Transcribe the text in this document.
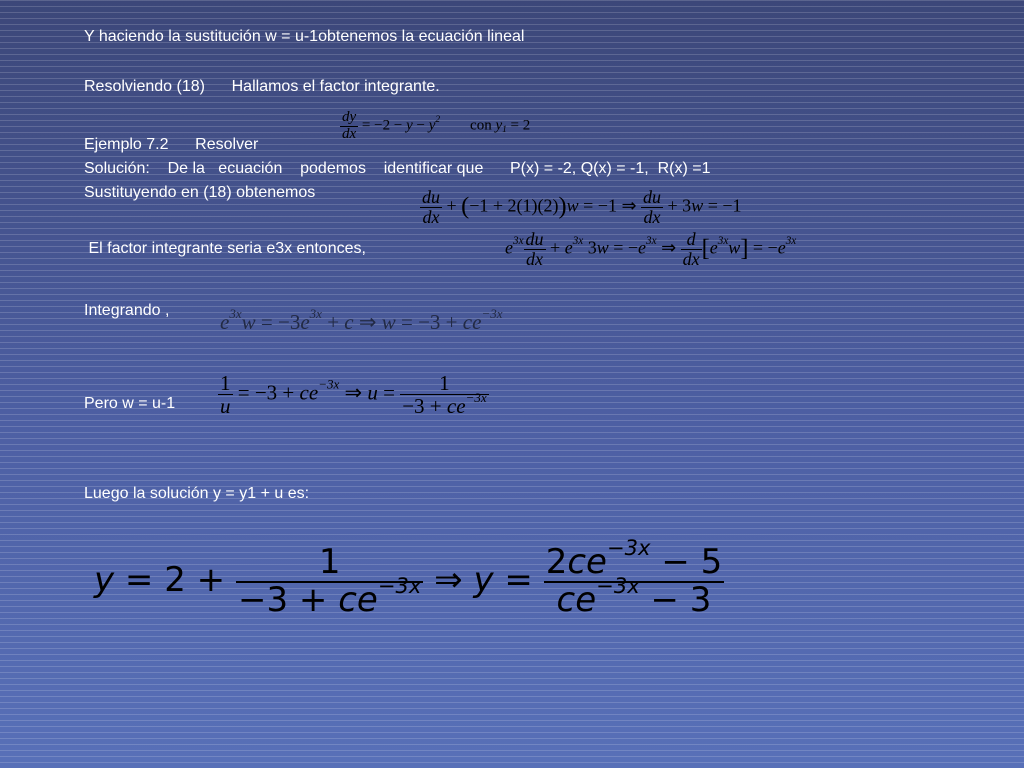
Y haciendo la sustitución w = u-1obtenemos la ecuación lineal
Resolviendo (18)      Hallamos el factor integrante.
Ejemplo 7.2      Resolver
Solución:    De la   ecuación    podemos    identificar que      P(x) = -2, Q(x) = -1,  R(x) =1
Sustituyendo en (18) obtenemos
El factor integrante seria e3x entonces,
Integrando ,
Pero w = u-1
Luego la solución y = y1 + u es:
$\frac{dy}{dx} = -2 - y - y^2$        con $y_1 = 2$
$\frac{du}{dx} + (-1 + 2(1)(2))w = -1$ ⇒ $\frac{du}{dx} + 3w = -1$
$e^{3x} \frac{du}{dx} + e^{3x}$ $3w = -e^{3x}$ ⇒ $\frac{d}{dx} [e^{3x}w] = -e^{3x}$
$e^{3x}w = -3e^{3x} + c$ ⇒ $w = -3 + ce^{-3x}$
$\frac{1}{u} = -3 + ce^{-3x}$ ⇒ $u = \frac{1}{-3 + ce^{-3x}}$
$y = 2 + \frac{1}{-3 + ce^{-3x}}$ ⇒ $y = \frac{2ce^{-3x} - 5}{ce^{-3x} - 3}$
